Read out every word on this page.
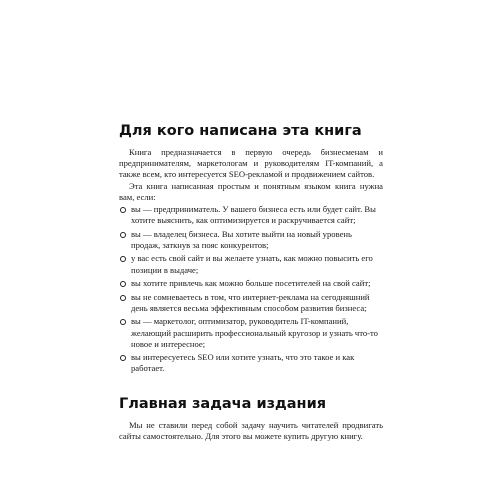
Для кого написана эта книга

Книга предназначается в первую очередь бизнесменам и предпринимателям, маркетологам и руководителям IT-компаний, а также всем, кто интересуется SEO-рекламой и продвижением сайтов.

Эта книга написанная простым и понятным языком книга нужна вам, если:

вы — предприниматель. У вашего бизнеса есть или будет сайт. Вы хотите выяснить, как оптимизируется и раскручивается сайт;
вы — владелец бизнеса. Вы хотите выйти на новый уровень продаж, заткнув за пояс конкурентов;
у вас есть свой сайт и вы желаете узнать, как можно повысить его позиции в выдаче;
вы хотите привлечь как можно больше посетителей на свой сайт;
вы не сомневаетесь в том, что интернет-реклама на сегодняшний день является весьма эффективным способом развития бизнеса;
вы — маркетолог, оптимизатор, руководитель IT-компаний, желающий расширить профессиональный кругозор и узнать что-то новое и интересное;
вы интересуетесь SEO или хотите узнать, что это такое и как работает.
Главная задача издания

Мы не ставили перед собой задачу научить читателей продвигать сайты самостоятельно. Для этого вы можете купить другую книгу.
